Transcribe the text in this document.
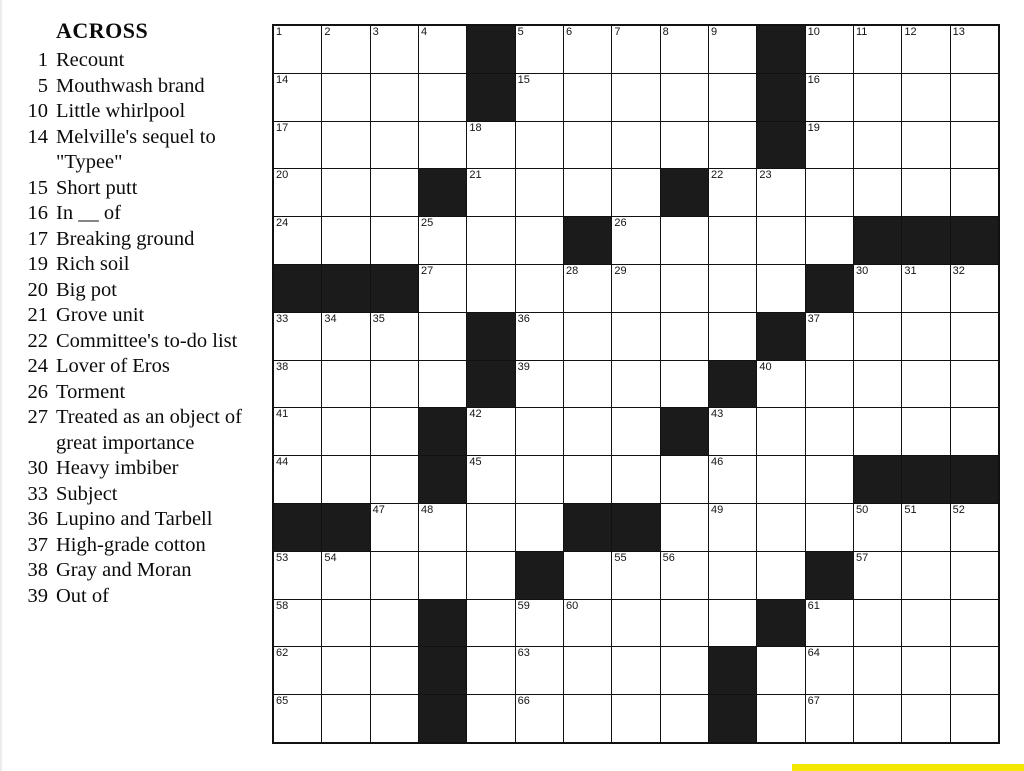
ACROSS
1 Recount
5 Mouthwash brand
10 Little whirlpool
14 Melville's sequel to "Typee"
15 Short putt
16 In __ of
17 Breaking ground
19 Rich soil
20 Big pot
21 Grove unit
22 Committee's to-do list
24 Lover of Eros
26 Torment
27 Treated as an object of great importance
30 Heavy imbiber
33 Subject
36 Lupino and Tarbell
37 High-grade cotton
38 Gray and Moran
39 Out of
1	2	3	4	5	6	7	8	9	10	11	12	13
14	15	16
17	18	19
20	21	22	23
24	25	26
27	28	29	30	31	32
33	34	35	36	37
38	39	40
41	42	43
44	45	46
47	48	49	50	51	52
53	54	55	56	57
58	59	60	61
62	63	64
65	66	67
